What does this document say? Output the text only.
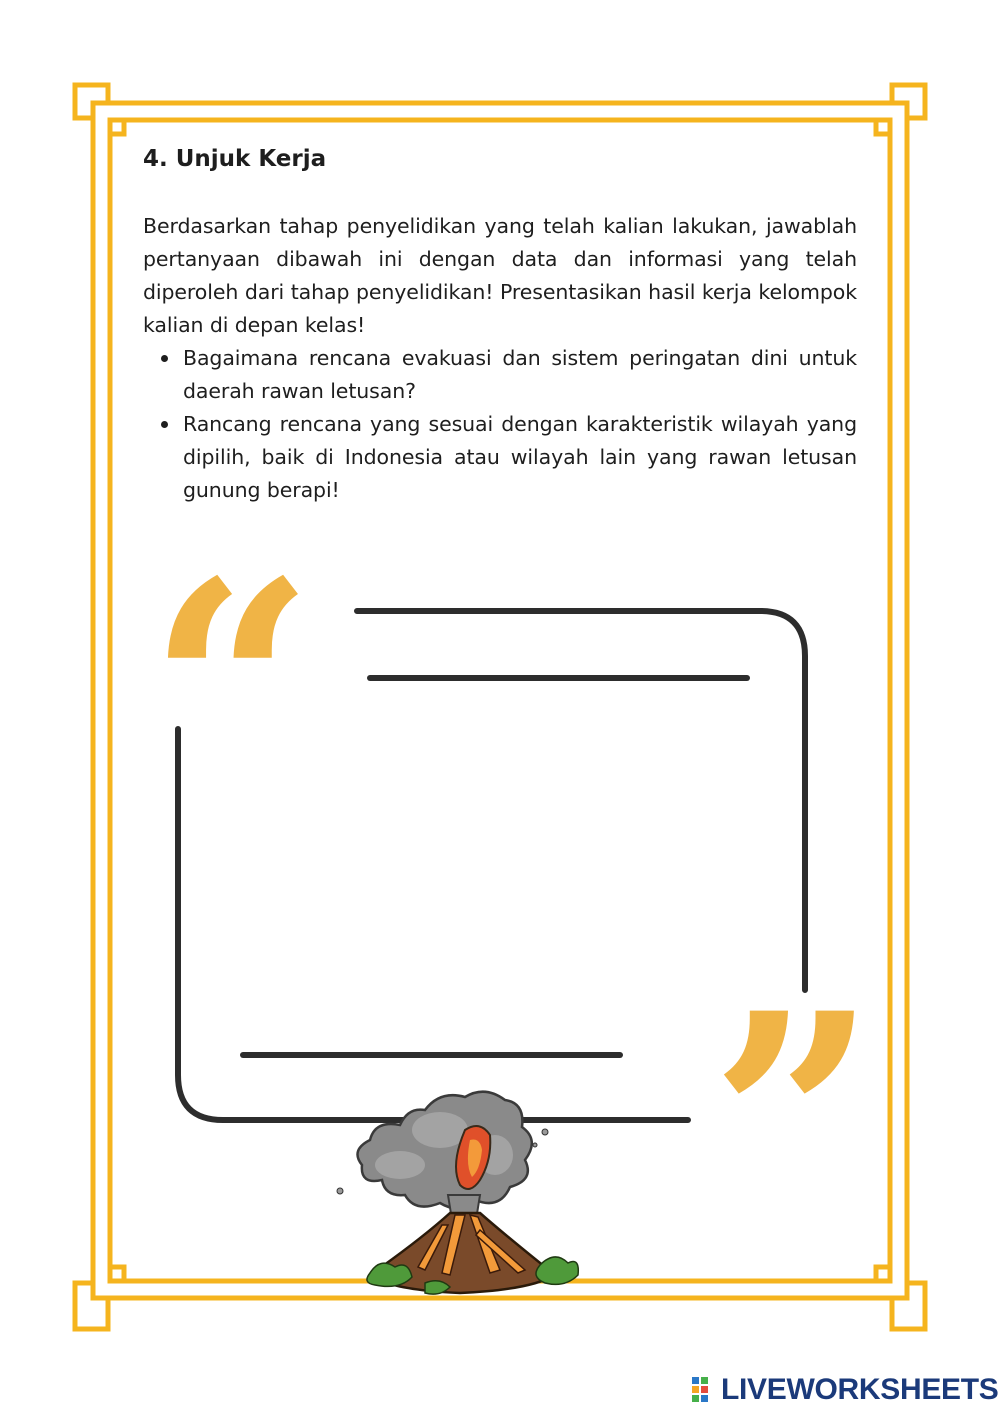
4. Unjuk Kerja

Berdasarkan tahap penyelidikan yang telah kalian lakukan, jawablah pertanyaan dibawah ini dengan data dan informasi yang telah diperoleh dari tahap penyelidikan! Presentasikan hasil kerja kelompok kalian di depan kelas!

Bagaimana rencana evakuasi dan sistem peringatan dini untuk daerah rawan letusan?
Rancang rencana yang sesuai dengan karakteristik wilayah yang dipilih, baik di Indonesia atau wilayah lain yang rawan letusan gunung berapi!
“
”
LIVEWORKSHEETS
